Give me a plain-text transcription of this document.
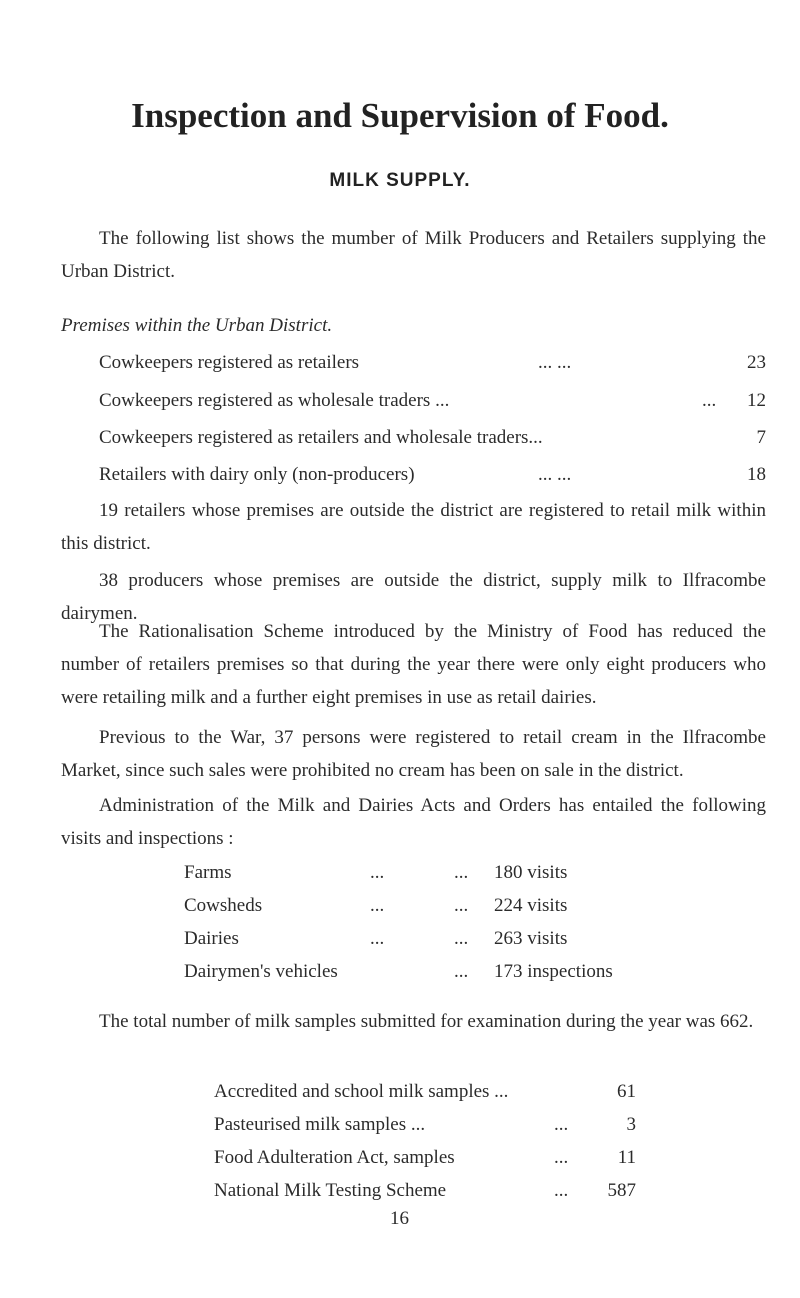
Inspection and Supervision of Food.
MILK SUPPLY.
The following list shows the mumber of Milk Producers and Retailers supplying the Urban District.
Premises within the Urban District.
Cowkeepers registered as retailers	... ...	23
Cowkeepers registered as wholesale traders ...	...	12
Cowkeepers registered as retailers and wholesale traders...	7
Retailers with dairy only (non-producers)	... ...	18
19 retailers whose premises are outside the district are registered to retail milk within this district.
38 producers whose premises are outside the district, supply milk to Ilfracombe dairymen.
The Rationalisation Scheme introduced by the Ministry of Food has reduced the number of retailers premises so that during the year there were only eight producers who were retailing milk and a further eight premises in use as retail dairies.
Previous to the War, 37 persons were registered to retail cream in the Ilfracombe Market, since such sales were prohibited no cream has been on sale in the district.
Administration of the Milk and Dairies Acts and Orders has entailed the following visits and inspections :
Farms	...	... 180 visits
Cowsheds	...	... 224 visits
Dairies	...	... 263 visits
Dairymen's vehicles	... 173 inspections
The total number of milk samples submitted for examination during the year was 662.
Accredited and school milk samples ...	61
Pasteurised milk samples ...	...	3
Food Adulteration Act, samples	...	11
National Milk Testing Scheme	...	587
16
